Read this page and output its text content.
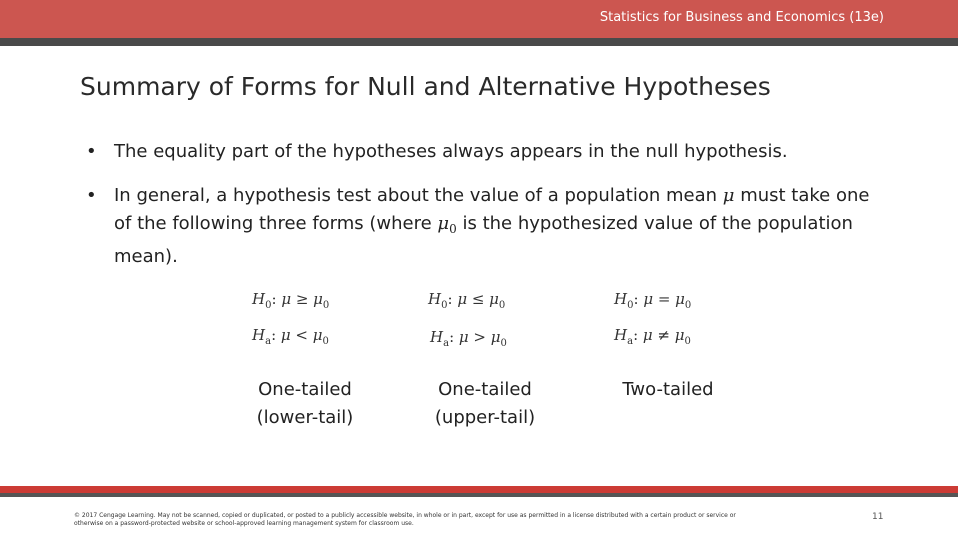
Statistics for Business and Economics (13e)
Summary of Forms for Null and Alternative Hypotheses
• The equality part of the hypotheses always appears in the null hypothesis.
• In general, a hypothesis test about the value of a population mean μ must take one of the following three forms (where $\mu_0$ is the hypothesized value of the population mean).
$H_0$: $\mu \ge \mu_0$
$H_a$: $\mu < \mu_0$
One-tailed
(lower-tail)
$H_0$: $\mu \le \mu_0$
$H_a$: $\mu > \mu_0$
One-tailed
(upper-tail)
$H_0$: $\mu = \mu_0$
$H_a$: $\mu \ne \mu_0$
Two-tailed
© 2017 Cengage Learning. May not be scanned, copied or duplicated, or posted to a publicly accessible website, in whole or in part, except for use as permitted in a license distributed with a certain product or service or
otherwise on a password-protected website or school-approved learning management system for classroom use.
11
